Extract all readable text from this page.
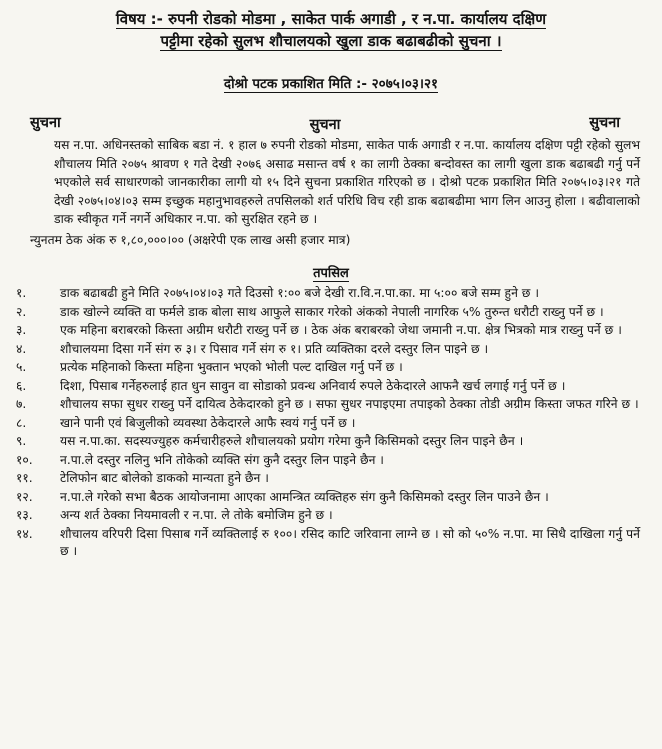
विषय :- रुपनी रोडको मोडमा , साकेत पार्क अगाडी , र न.पा. कार्यालय दक्षिण
पट्टीमा रहेको सुलभ शौचालयको खुला डाक बढाबढीको सुचना ।
दोश्रो पटक प्रकाशित मिति :- २०७५।०३।२१
सुचना	सुचना	सुचना
यस न.पा. अधिनस्तको साबिक बडा नं. १ हाल ७ रुपनी रोडको मोडमा, साकेत पार्क अगाडी र न.पा. कार्यालय दक्षिण पट्टी रहेको सुलभ शौचालय मिति २०७५ श्रावण १ गते देखी २०७६ असाढ मसान्त वर्ष १ का लागी ठेक्का बन्दोवस्त का लागी खुला डाक बढाबढी गर्नु पर्ने भएकोले सर्व साधारणको जानकारीका लागी यो १५ दिने सुचना प्रकाशित गरिएको छ । दोश्रो पटक प्रकाशित मिति २०७५।०३।२१ गते देखी २०७५।०४।०३ सम्म इच्छुक महानुभावहरुले तपसिलको शर्त परिधि विच रही डाक बढाबढीमा भाग लिन आउनु होला । बढीवालाको डाक स्वीकृत गर्ने नगर्ने अधिकार न.पा. को सुरक्षित रहने छ ।
न्युनतम ठेक अंक रु १,८०,०००।०० (अक्षरेपी एक लाख असी हजार मात्र)
तपसिल
१.	डाक बढाबढी हुने मिति २०७५।०४।०३ गते दिउसो १:०० बजे देखी रा.वि.न.पा.का. मा ५:०० बजे सम्म हुने छ ।
२.	डाक खोल्ने व्यक्ति वा फर्मले डाक बोला साथ आफुले साकार गरेको अंकको नेपाली नागरिक ५% तुरुन्त धरौटी राख्नु पर्ने छ ।
३.	एक महिना बराबरको किस्ता अग्रीम धरौटी राख्नु पर्ने छ । ठेक अंक बराबरको जेथा जमानी न.पा. क्षेत्र भित्रको मात्र राख्नु पर्ने छ ।
४.	शौचालयमा दिसा गर्ने संग रु ३। र पिसाव गर्ने संग रु १। प्रति व्यक्तिका दरले दस्तुर लिन पाइने छ ।
५.	प्रत्येक महिनाको किस्ता महिना भुक्तान भएको भोली पल्ट दाखिल गर्नु पर्ने छ ।
६.	दिशा, पिसाब गर्नेहरुलाई हात धुन सावुन वा सोडाको प्रवन्ध अनिवार्य रुपले ठेकेदारले आफनै खर्च लगाई गर्नु पर्ने छ ।
७.	शौचालय सफा सुधर राख्नु पर्ने दायित्व ठेकेदारको हुने छ । सफा सुधर नपाइएमा तपाइको ठेक्का तोडी अग्रीम किस्ता जफत गरिने छ ।
८.	खाने पानी एवं बिजुलीको व्यवस्था ठेकेदारले आफै स्वयं गर्नु पर्ने छ ।
९.	यस न.पा.का. सदस्यज्युहरु कर्मचारीहरुले शौचालयको प्रयोग गरेमा कुनै किसिमको दस्तुर लिन पाइने छैन ।
१०.	न.पा.ले दस्तुर नलिनु भनि तोकेको व्यक्ति संग कुनै दस्तुर लिन पाइने छैन ।
११.	टेलिफोन बाट बोलेको डाकको मान्यता हुने छैन ।
१२.	न.पा.ले गरेको सभा बैठक आयोजनामा आएका आमन्त्रित व्यक्तिहरु संग कुनै किसिमको दस्तुर लिन पाउने छैन ।
१३.	अन्य शर्त ठेक्का नियमावली र न.पा. ले तोके बमोजिम हुने छ ।
१४.	शौचालय वरिपरी दिसा पिसाब गर्ने व्यक्तिलाई रु १००। रसिद काटि जरिवाना लाग्ने छ । सो को ५०% न.पा. मा सिधै दाखिला गर्नु पर्ने छ ।
